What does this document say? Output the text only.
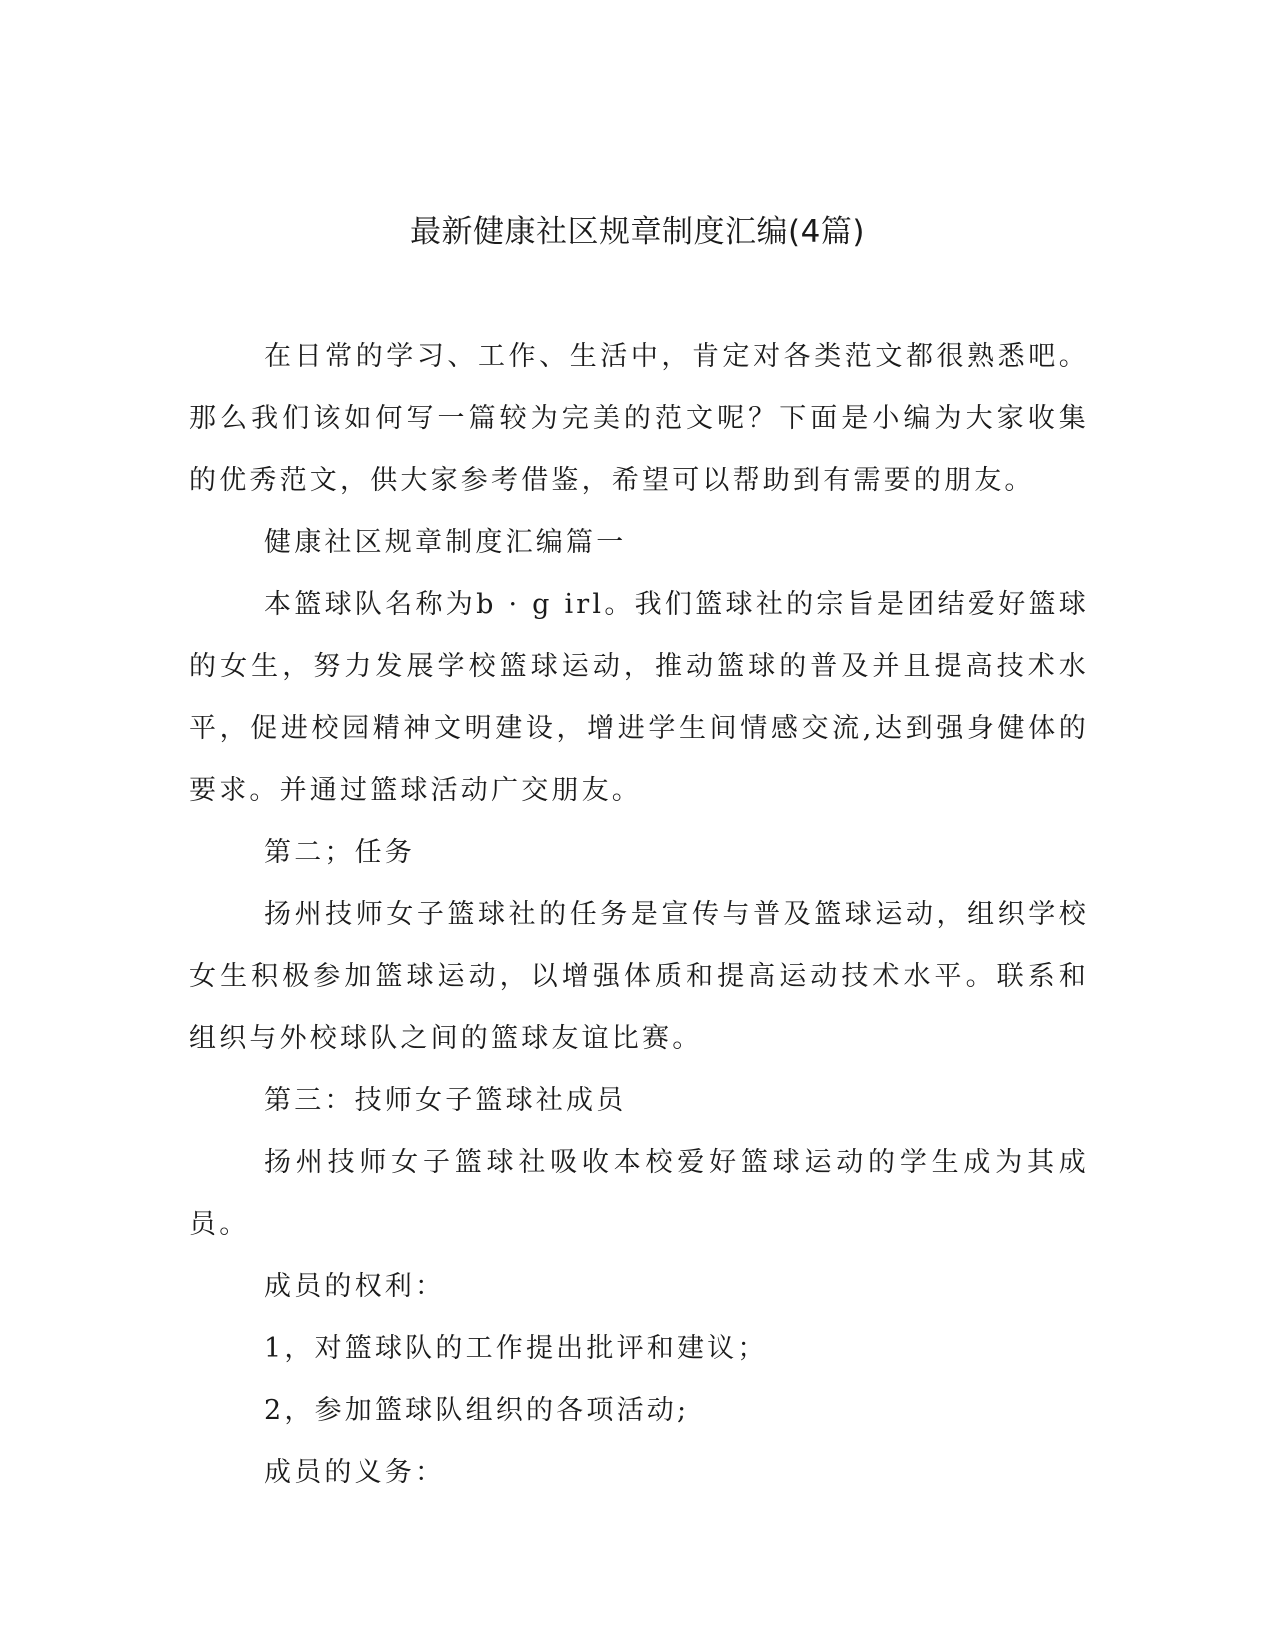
最新健康社区规章制度汇编(4篇)

在日常的学习、工作、生活中，肯定对各类范文都很熟悉吧。那么我们该如何写一篇较为完美的范文呢？下面是小编为大家收集的优秀范文，供大家参考借鉴，希望可以帮助到有需要的朋友。

健康社区规章制度汇编篇一

本篮球队名称为b · g irl。我们篮球社的宗旨是团结爱好篮球的女生，努力发展学校篮球运动，推动篮球的普及并且提高技术水平，促进校园精神文明建设，增进学生间情感交流,达到强身健体的要求。并通过篮球活动广交朋友。

第二；任务

扬州技师女子篮球社的任务是宣传与普及篮球运动，组织学校女生积极参加篮球运动，以增强体质和提高运动技术水平。联系和组织与外校球队之间的篮球友谊比赛。

第三：技师女子篮球社成员

扬州技师女子篮球社吸收本校爱好篮球运动的学生成为其成员。

成员的权利：

1，对篮球队的工作提出批评和建议；

2，参加篮球队组织的各项活动;

成员的义务：
